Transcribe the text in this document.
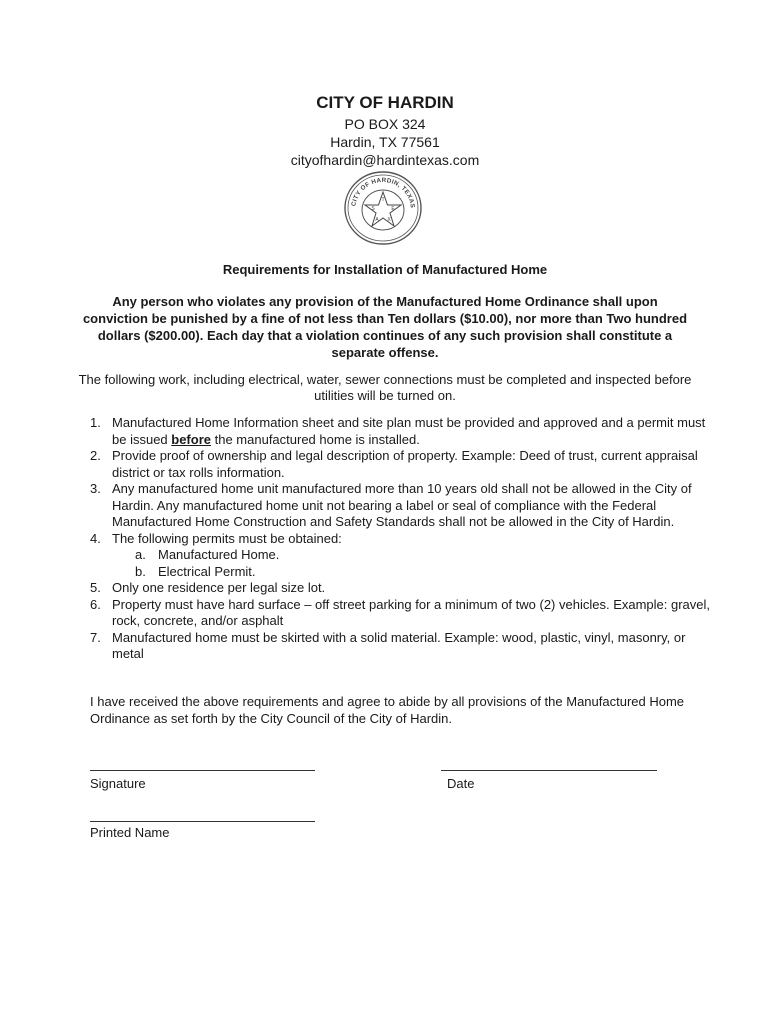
CITY OF HARDIN
PO BOX 324
Hardin, TX 77561
cityofhardin@hardintexas.com
CITY OF HARDIN, TEXAS
T
E
X
A
S
Requirements for Installation of Manufactured Home
Any person who violates any provision of the Manufactured Home Ordinance shall upon conviction be punished by a fine of not less than Ten dollars ($10.00), nor more than Two hundred dollars ($200.00). Each day that a violation continues of any such provision shall constitute a separate offense.
The following work, including electrical, water, sewer connections must be completed and inspected before utilities will be turned on.
1. Manufactured Home Information sheet and site plan must be provided and approved and a permit must be issued before the manufactured home is installed.
2. Provide proof of ownership and legal description of property. Example: Deed of trust, current appraisal district or tax rolls information.
3. Any manufactured home unit manufactured more than 10 years old shall not be allowed in the City of Hardin. Any manufactured home unit not bearing a label or seal of compliance with the Federal Manufactured Home Construction and Safety Standards shall not be allowed in the City of Hardin.
4. The following permits must be obtained:
a. Manufactured Home.
b. Electrical Permit.
5. Only one residence per legal size lot.
6. Property must have hard surface – off street parking for a minimum of two (2) vehicles. Example: gravel, rock, concrete, and/or asphalt
7. Manufactured home must be skirted with a solid material. Example: wood, plastic, vinyl, masonry, or metal
I have received the above requirements and agree to abide by all provisions of the Manufactured Home Ordinance as set forth by the City Council of the City of Hardin.
Signature	Date
Printed Name
